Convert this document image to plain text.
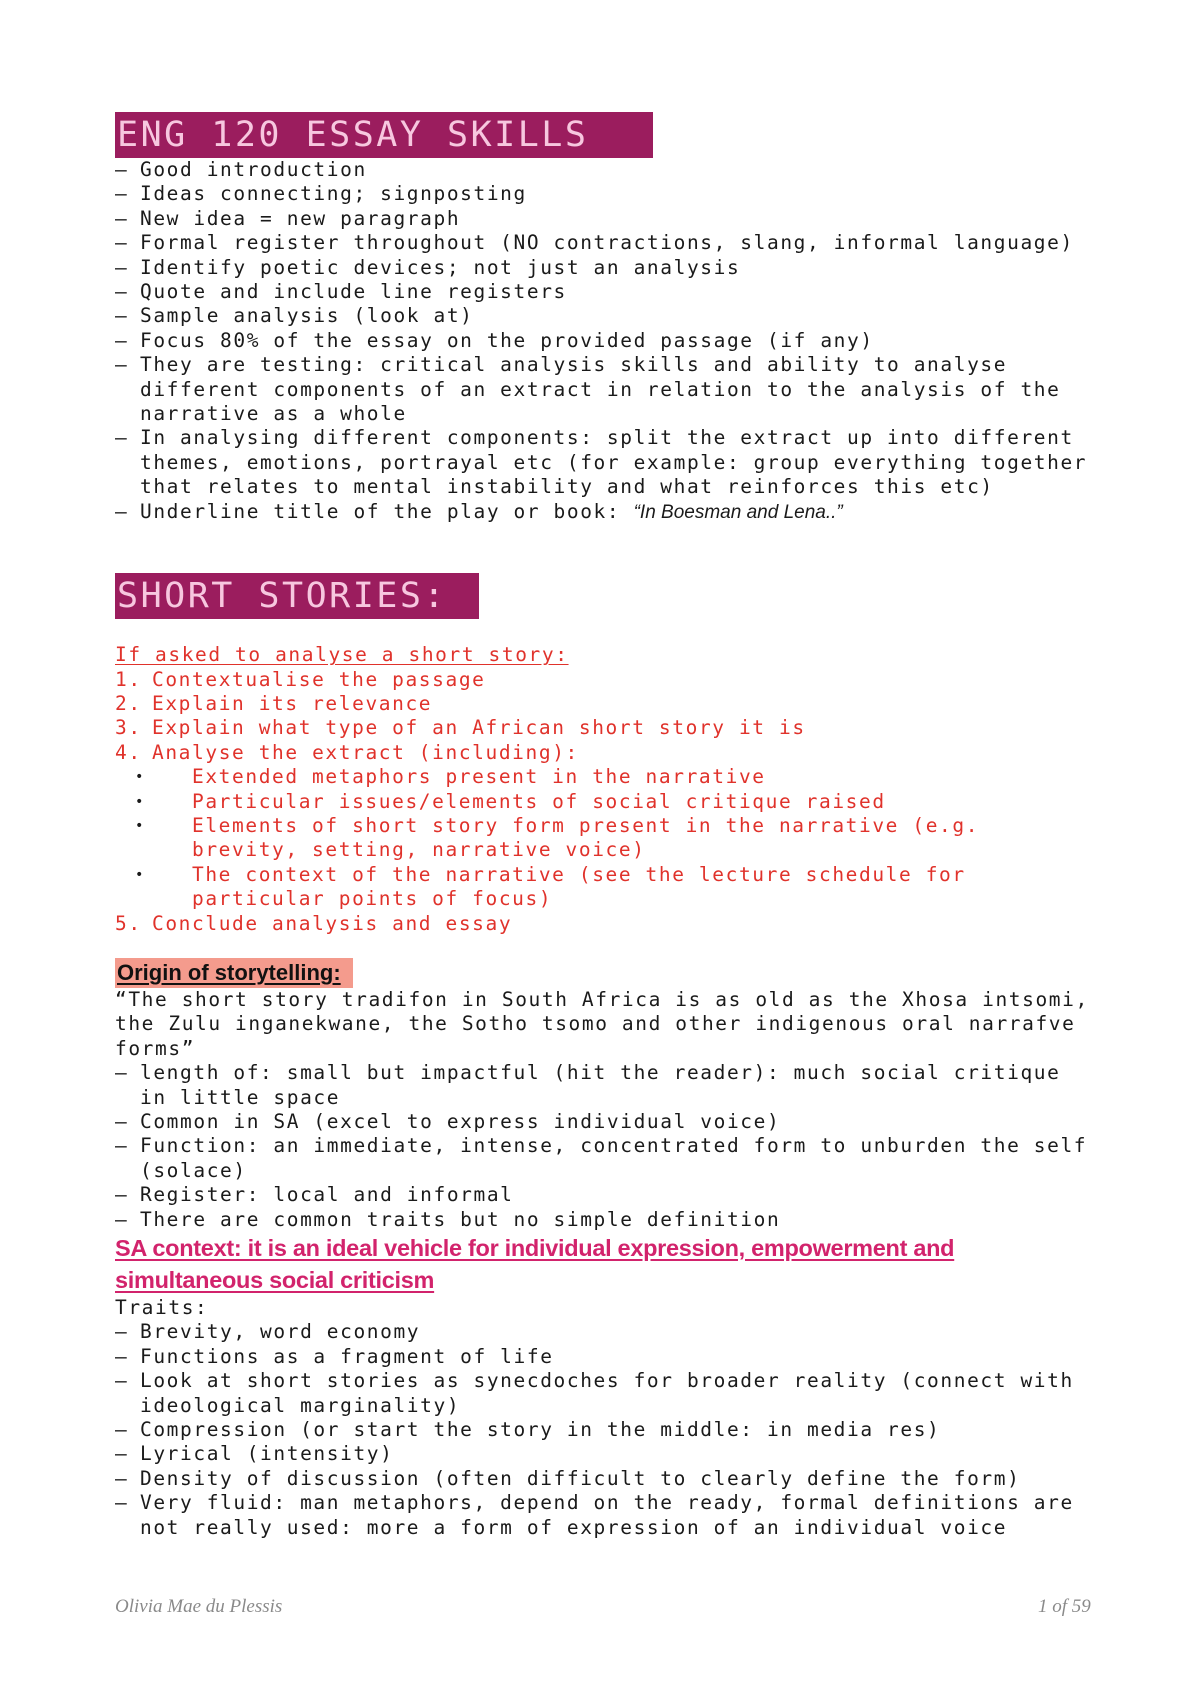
ENG 120 ESSAY SKILLS
– Good introduction
– Ideas connecting; signposting
– New idea = new paragraph
– Formal register throughout (NO contractions, slang, informal language)
– Identify poetic devices; not just an analysis
– Quote and include line registers
– Sample analysis (look at)
– Focus 80% of the essay on the provided passage (if any)
– They are testing: critical analysis skills and ability to analyse
different components of an extract in relation to the analysis of the
narrative as a whole
– In analysing different components: split the extract up into different
themes, emotions, portrayal etc (for example: group everything together
that relates to mental instability and what reinforces this etc)
– Underline title of the play or book: “In Boesman and Lena..”
SHORT STORIES:
If asked to analyse a short story:
1. Contextualise the passage
2. Explain its relevance
3. Explain what type of an African short story it is
4. Analyse the extract (including):
• Extended metaphors present in the narrative
• Particular issues/elements of social critique raised
• Elements of short story form present in the narrative (e.g.
brevity, setting, narrative voice)
• The context of the narrative (see the lecture schedule for
particular points of focus)
5. Conclude analysis and essay
Origin of storytelling:
“The short story tradifon in South Africa is as old as the Xhosa intsomi,
the Zulu inganekwane, the Sotho tsomo and other indigenous oral narrafve
forms”
– length of: small but impactful (hit the reader): much social critique
in little space
– Common in SA (excel to express individual voice)
– Function: an immediate, intense, concentrated form to unburden the self
(solace)
– Register: local and informal
– There are common traits but no simple definition
SA context: it is an ideal vehicle for individual expression, empowerment and
simultaneous social criticism
Traits:
– Brevity, word economy
– Functions as a fragment of life
– Look at short stories as synecdoches for broader reality (connect with
ideological marginality)
– Compression (or start the story in the middle: in media res)
– Lyrical (intensity)
– Density of discussion (often difficult to clearly define the form)
– Very fluid: man metaphors, depend on the ready, formal definitions are
not really used: more a form of expression of an individual voice
Olivia Mae du Plessis	1 of 59
